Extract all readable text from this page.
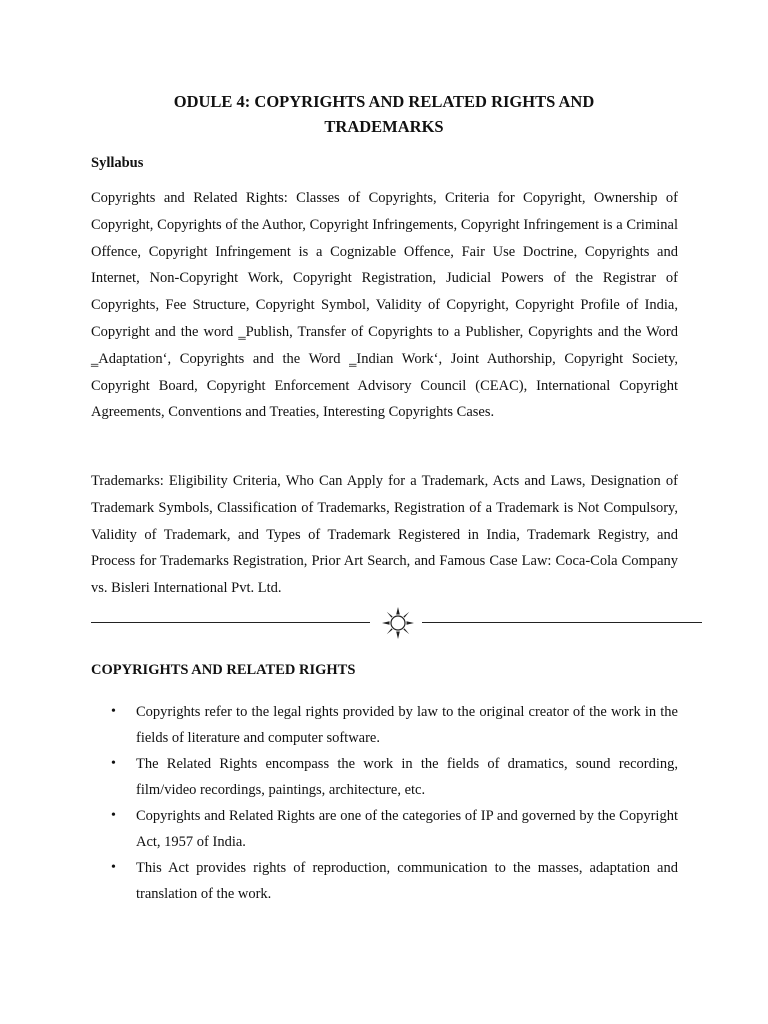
ODULE 4: COPYRIGHTS AND RELATED RIGHTS AND
TRADEMARKS
Syllabus

Copyrights and Related Rights: Classes of Copyrights, Criteria for Copyright, Ownership of Copyright, Copyrights of the Author, Copyright Infringements, Copyright Infringement is a Criminal Offence, Copyright Infringement is a Cognizable Offence, Fair Use Doctrine, Copyrights and Internet, Non-Copyright Work, Copyright Registration, Judicial Powers of the Registrar of Copyrights, Fee Structure, Copyright Symbol, Validity of Copyright, Copyright Profile of India, Copyright and the word ‗Publish, Transfer of Copyrights to a Publisher, Copyrights and the Word ‗Adaptation‘, Copyrights and the Word ‗Indian Work‘, Joint Authorship, Copyright Society, Copyright Board, Copyright Enforcement Advisory Council (CEAC), International Copyright Agreements, Conventions and Treaties, Interesting Copyrights Cases.

Trademarks: Eligibility Criteria, Who Can Apply for a Trademark, Acts and Laws, Designation of Trademark Symbols, Classification of Trademarks, Registration of a Trademark is Not Compulsory, Validity of Trademark, and Types of Trademark Registered in India, Trademark Registry, and Process for Trademarks Registration, Prior Art Search, and Famous Case Law: Coca-Cola Company vs. Bisleri International Pvt. Ltd.

COPYRIGHTS AND RELATED RIGHTS
• Copyrights refer to the legal rights provided by law to the original creator of the work in the fields of literature and computer software.
• The Related Rights encompass the work in the fields of dramatics, sound recording, film/video recordings, paintings, architecture, etc.
• Copyrights and Related Rights are one of the categories of IP and governed by the Copyright Act, 1957 of India.
• This Act provides rights of reproduction, communication to the masses, adaptation and translation of the work.
